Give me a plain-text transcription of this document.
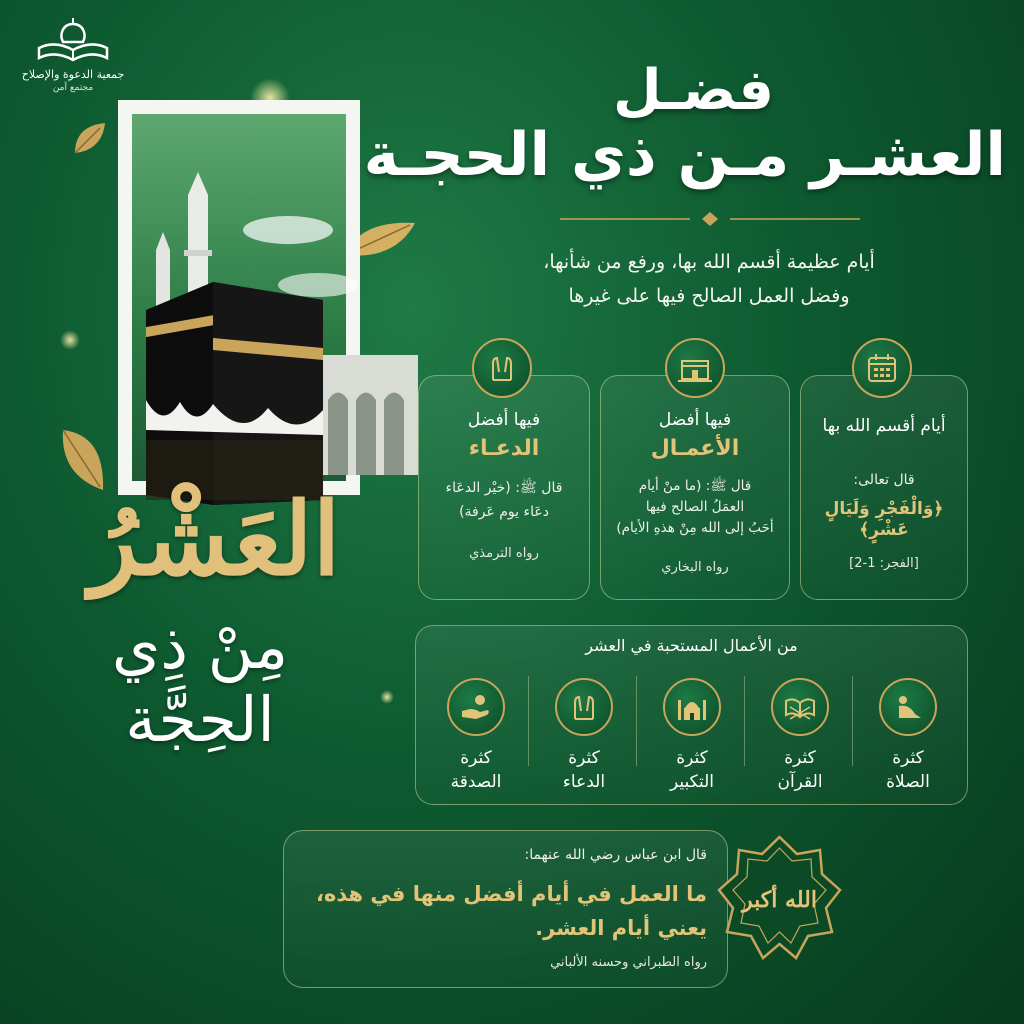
جمعية الدعوة والإصلاح
مجتمع آمن
العَشْرُ
مِنْ ذِي الحِجَّة
فضـل
العشـر مـن ذي الحجـة
أيام عظيمة أقسم الله بها، ورفع من شأنها،
وفضل العمل الصالح فيها على غيرها
أيام أقسم الله بها
قال تعالى:
﴿وَالْفَجْرِ وَلَيَالٍ عَشْرٍ﴾
[الفجر: 1-2]
فيها أفضل
الأعمـال
قال ﷺ: (ما منْ أيام
العمَلُ الصالح فيها
أحَبُ إلى الله مِنْ هذهِ الأيام)
رواه البخاري
فيها أفضل
الدعـاء
قال ﷺ: (خيْر الدعَاء
دعَاء يوم عَرفة)
رواه الترمذي
من الأعمال المستحبة في العشر
كثرة
الصلاة
كثرة
القرآن
كثرة
التكبير
كثرة
الدعاء
كثرة
الصدقة
قال ابن عباس رضي الله عنهما:
ما العمل في أيام أفضل منها في هذه،
يعني أيام العشر.
رواه الطبراني وحسنه الألباني
الله أكبر
